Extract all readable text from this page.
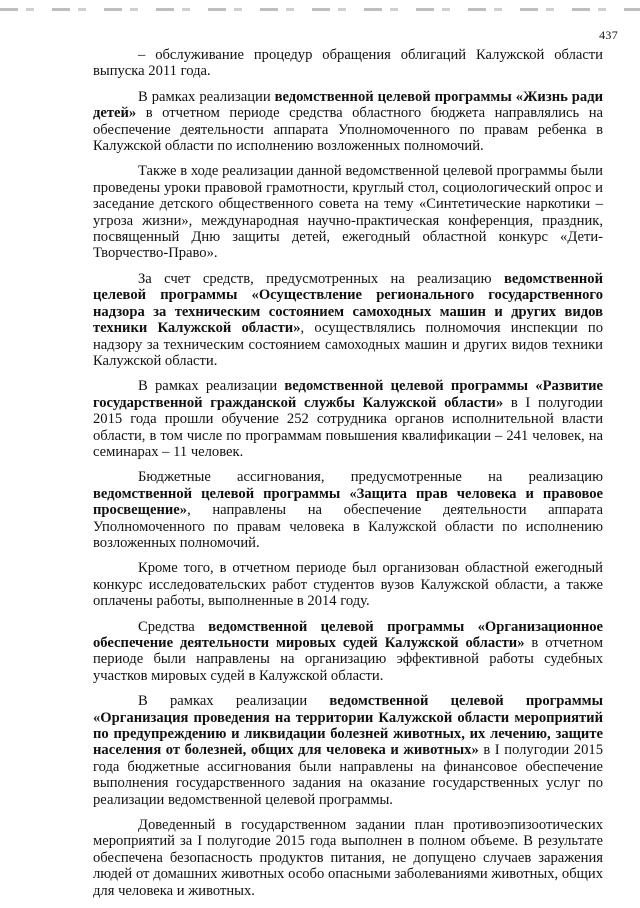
437

– обслуживание процедур обращения облигаций Калужской области выпуска 2011 года.

В рамках реализации ведомственной целевой программы «Жизнь ради детей» в отчетном периоде средства областного бюджета направлялись на обеспечение деятельности аппарата Уполномоченного по правам ребенка в Калужской области по исполнению возложенных полномочий.

Также в ходе реализации данной ведомственной целевой программы были проведены уроки правовой грамотности, круглый стол, социологический опрос и заседание детского общественного совета на тему «Синтетические наркотики – угроза жизни», международная научно-практическая конференция, праздник, посвященный Дню защиты детей, ежегодный областной конкурс «Дети-Творчество-Право».

За счет средств, предусмотренных на реализацию ведомственной целевой программы «Осуществление регионального государственного надзора за техническим состоянием самоходных машин и других видов техники Калужской области», осуществлялись полномочия инспекции по надзору за техническим состоянием самоходных машин и других видов техники Калужской области.

В рамках реализации ведомственной целевой программы «Развитие государственной гражданской службы Калужской области» в I полугодии 2015 года прошли обучение 252 сотрудника органов исполнительной власти области, в том числе по программам повышения квалификации – 241 человек, на семинарах – 11 человек.

Бюджетные ассигнования, предусмотренные на реализацию ведомственной целевой программы «Защита прав человека и правовое просвещение», направлены на обеспечение деятельности аппарата Уполномоченного по правам человека в Калужской области по исполнению возложенных полномочий.

Кроме того, в отчетном периоде был организован областной ежегодный конкурс исследовательских работ студентов вузов Калужской области, а также оплачены работы, выполненные в 2014 году.

Средства ведомственной целевой программы «Организационное обеспечение деятельности мировых судей Калужской области» в отчетном периоде были направлены на организацию эффективной работы судебных участков мировых судей в Калужской области.

В рамках реализации ведомственной целевой программы «Организация проведения на территории Калужской области мероприятий по предупреждению и ликвидации болезней животных, их лечению, защите населения от болезней, общих для человека и животных» в I полугодии 2015 года бюджетные ассигнования были направлены на финансовое обеспечение выполнения государственного задания на оказание государственных услуг по реализации ведомственной целевой программы.

Доведенный в государственном задании план противоэпизоотических мероприятий за I полугодие 2015 года выполнен в полном объеме. В результате обеспечена безопасность продуктов питания, не допущено случаев заражения людей от домашних животных особо опасными заболеваниями животных, общих для человека и животных.
